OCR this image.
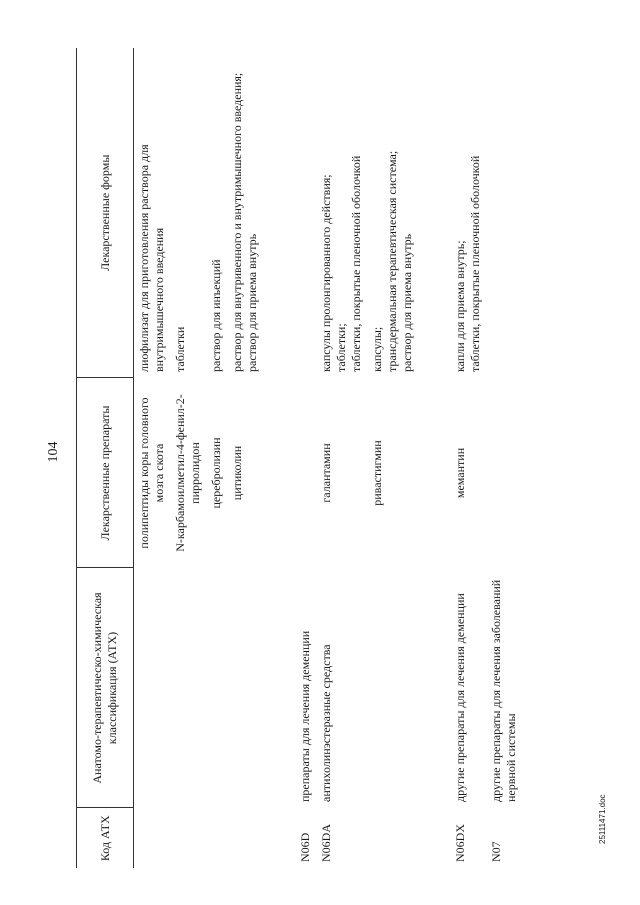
104
Код АТХ	Анатомо-терапевтическо-химическая классификация (АТХ)	Лекарственные препараты	Лекарственные формы
		полипептиды коры головного мозга скота	лиофилизат для приготовления раствора для внутримышечного введения

		N-карбамоилметил-4-фенил-2-пирролидон	таблетки

		церебролизин	раствор для инъекций

		цитиколин	раствор для внутривенного и внутримышечного введения; раствор для приема внутрь

N06D	препараты для лечения деменции		
N06DA	антихолинэстеразные средства	галантамин	капсулы пролонгированного действия; таблетки; таблетки, покрытые пленочной оболочкой

		ривастигмин	капсулы; трансдермальная терапевтическая система; раствор для приема внутрь

N06DX	другие препараты для лечения деменции	мемантин	капли для приема внутрь; таблетки, покрытые пленочной оболочкой

N07	другие препараты для лечения заболеваний нервной системы		
25111471.doc
